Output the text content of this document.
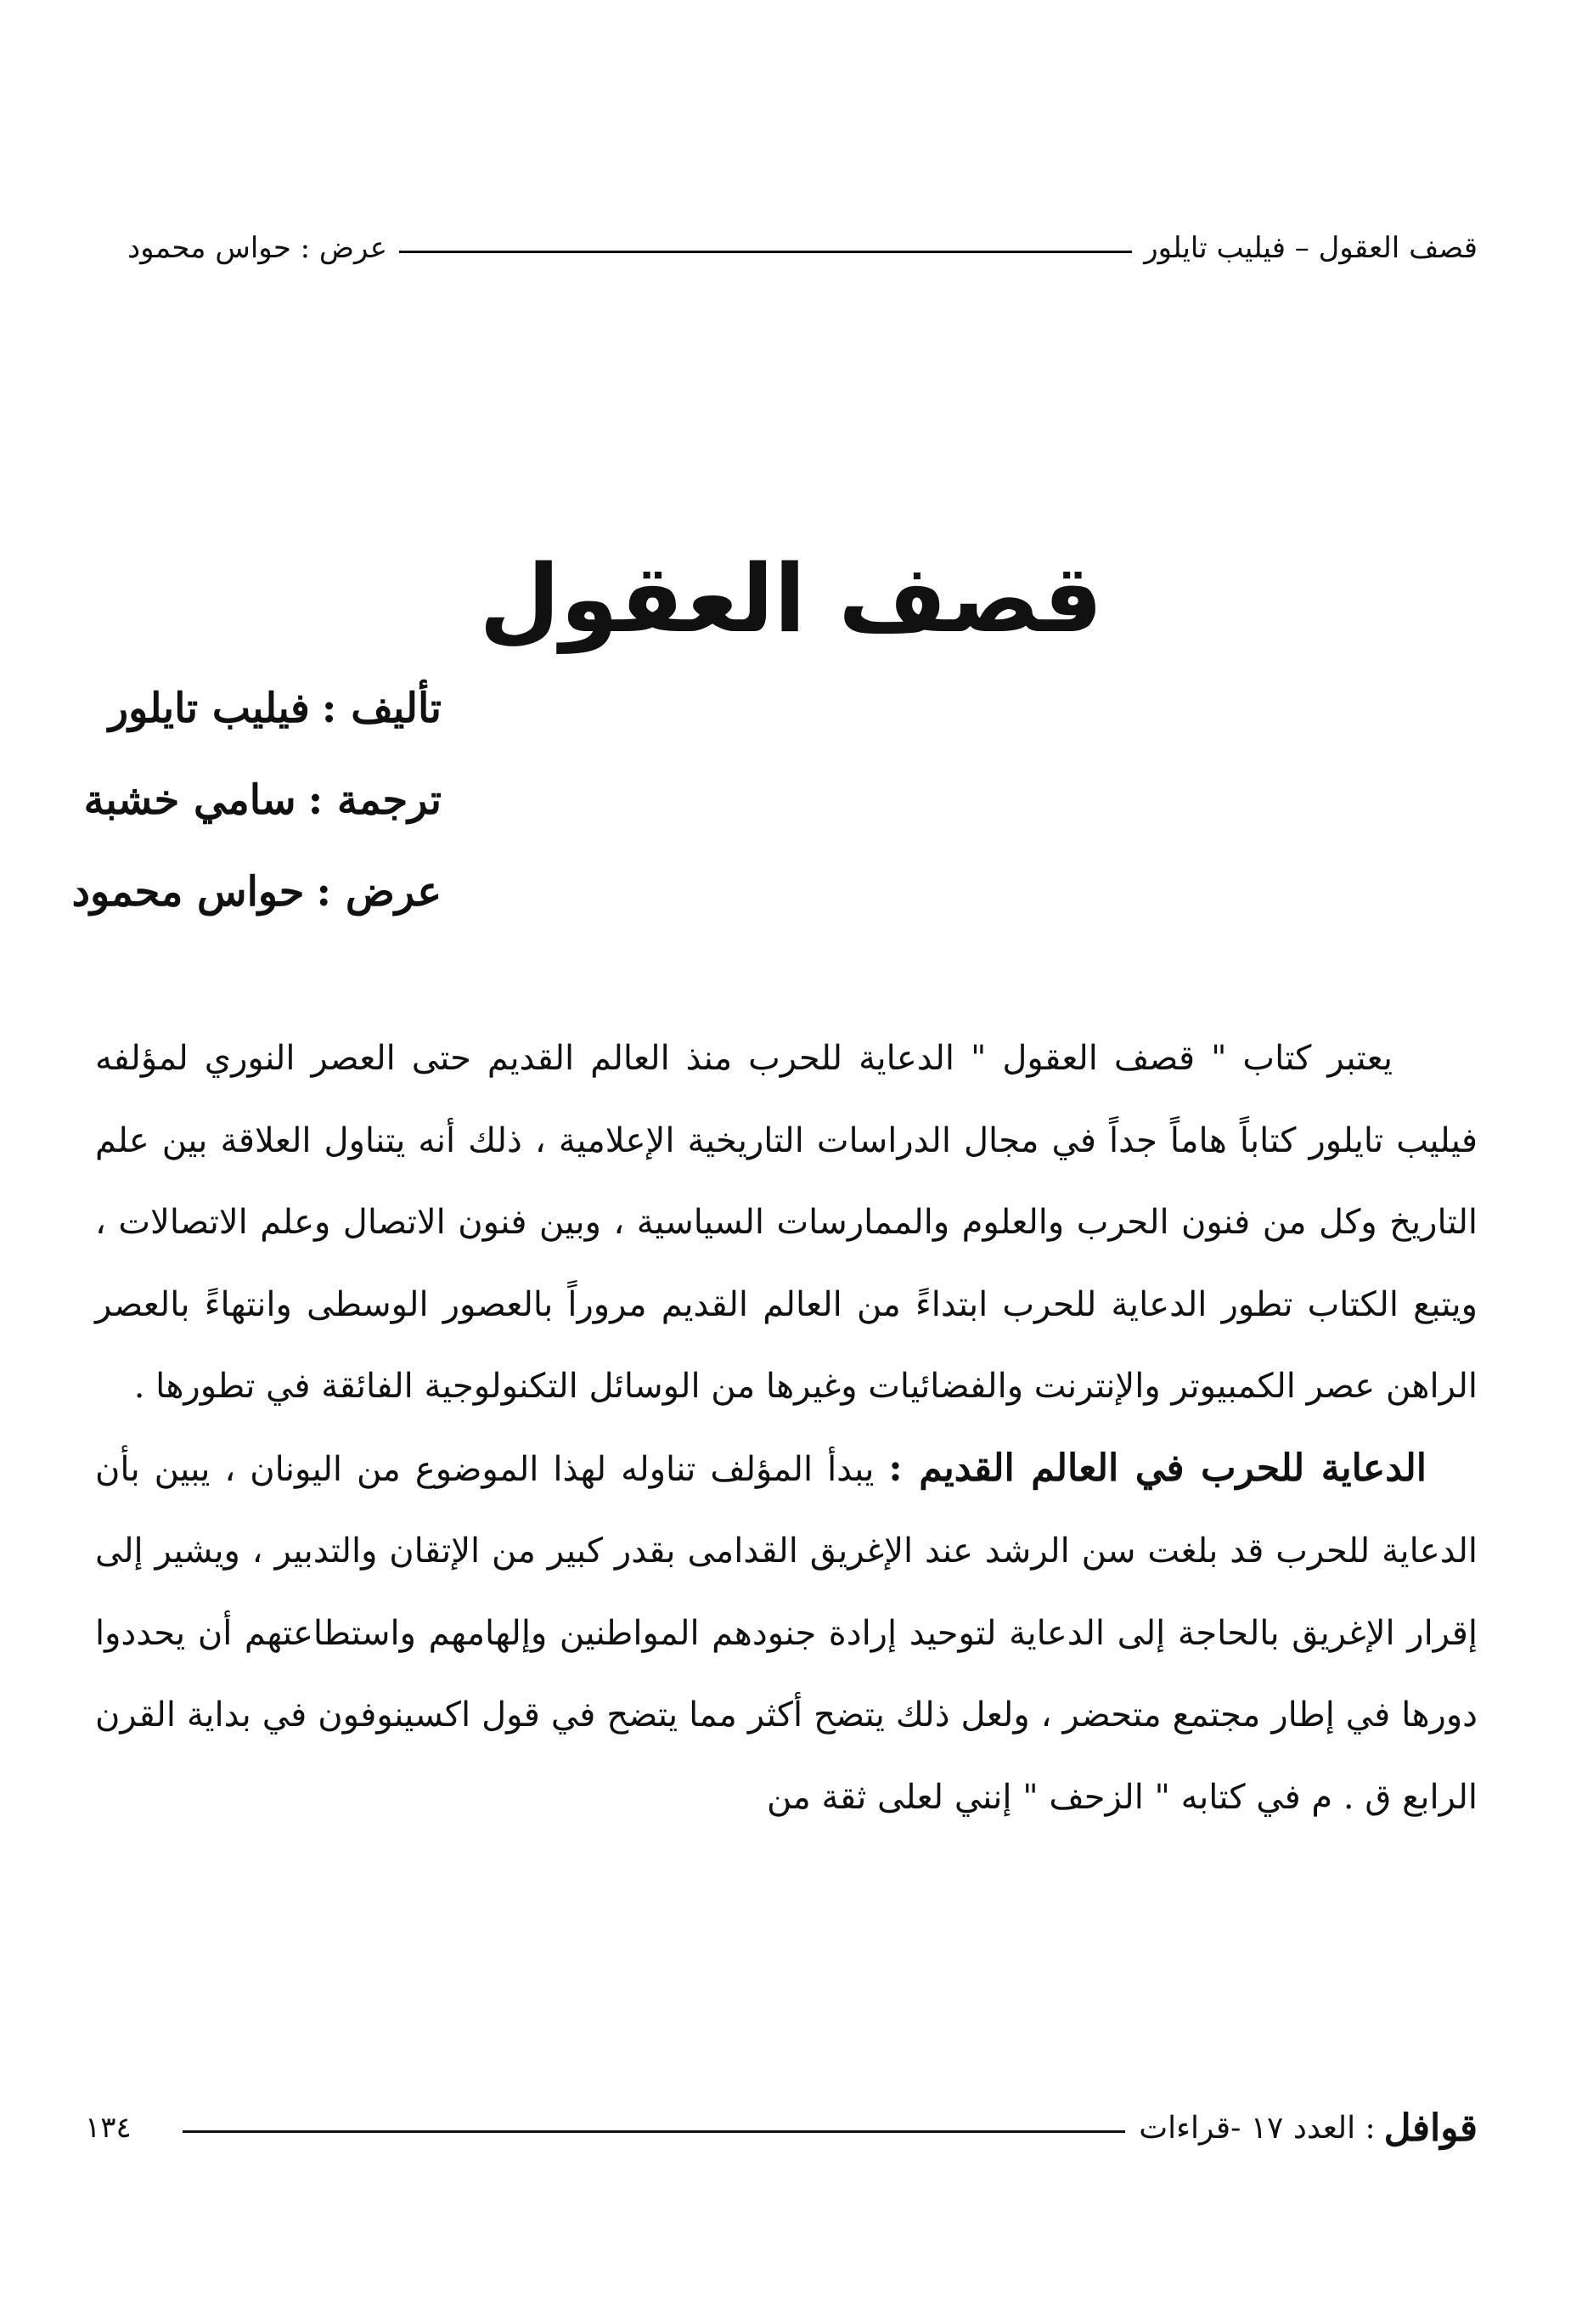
قصف العقول – فيليب تايلور
عرض : حواس محمود
قصف العقول
تأليف :فيليب تايلور
ترجمة :سامي خشبة
عرض :حواس محمود

يعتبر كتاب " قصف العقول " الدعاية للحرب منذ العالم القديم حتى العصر النوري لمؤلفه فيليب تايلور كتاباً هاماً جداً في مجال الدراسات التاريخية الإعلامية ، ذلك أنه يتناول العلاقة بين علم التاريخ وكل من فنون الحرب والعلوم والممارسات السياسية ، وبين فنون الاتصال وعلم الاتصالات ، ويتبع الكتاب تطور الدعاية للحرب ابتداءً من العالم القديم مروراً بالعصور الوسطى وانتهاءً بالعصر الراهن عصر الكمبيوتر والإنترنت والفضائيات وغيرها من الوسائل التكنولوجية الفائقة في تطورها .

الدعاية للحرب في العالم القديم : يبدأ المؤلف تناوله لهذا الموضوع من اليونان ، يبين بأن الدعاية للحرب قد بلغت سن الرشد عند الإغريق القدامى بقدر كبير من الإتقان والتدبير ، ويشير إلى إقرار الإغريق بالحاجة إلى الدعاية لتوحيد إرادة جنودهم المواطنين وإلهامهم واستطاعتهم أن يحددوا دورها في إطار مجتمع متحضر ، ولعل ذلك يتضح أكثر مما يتضح في قول اكسينوفون في بداية القرن الرابع ق . م في كتابه " الزحف " إنني لعلى ثقة من

قوافل
: العدد ١٧ -قراءات
١٣٤
